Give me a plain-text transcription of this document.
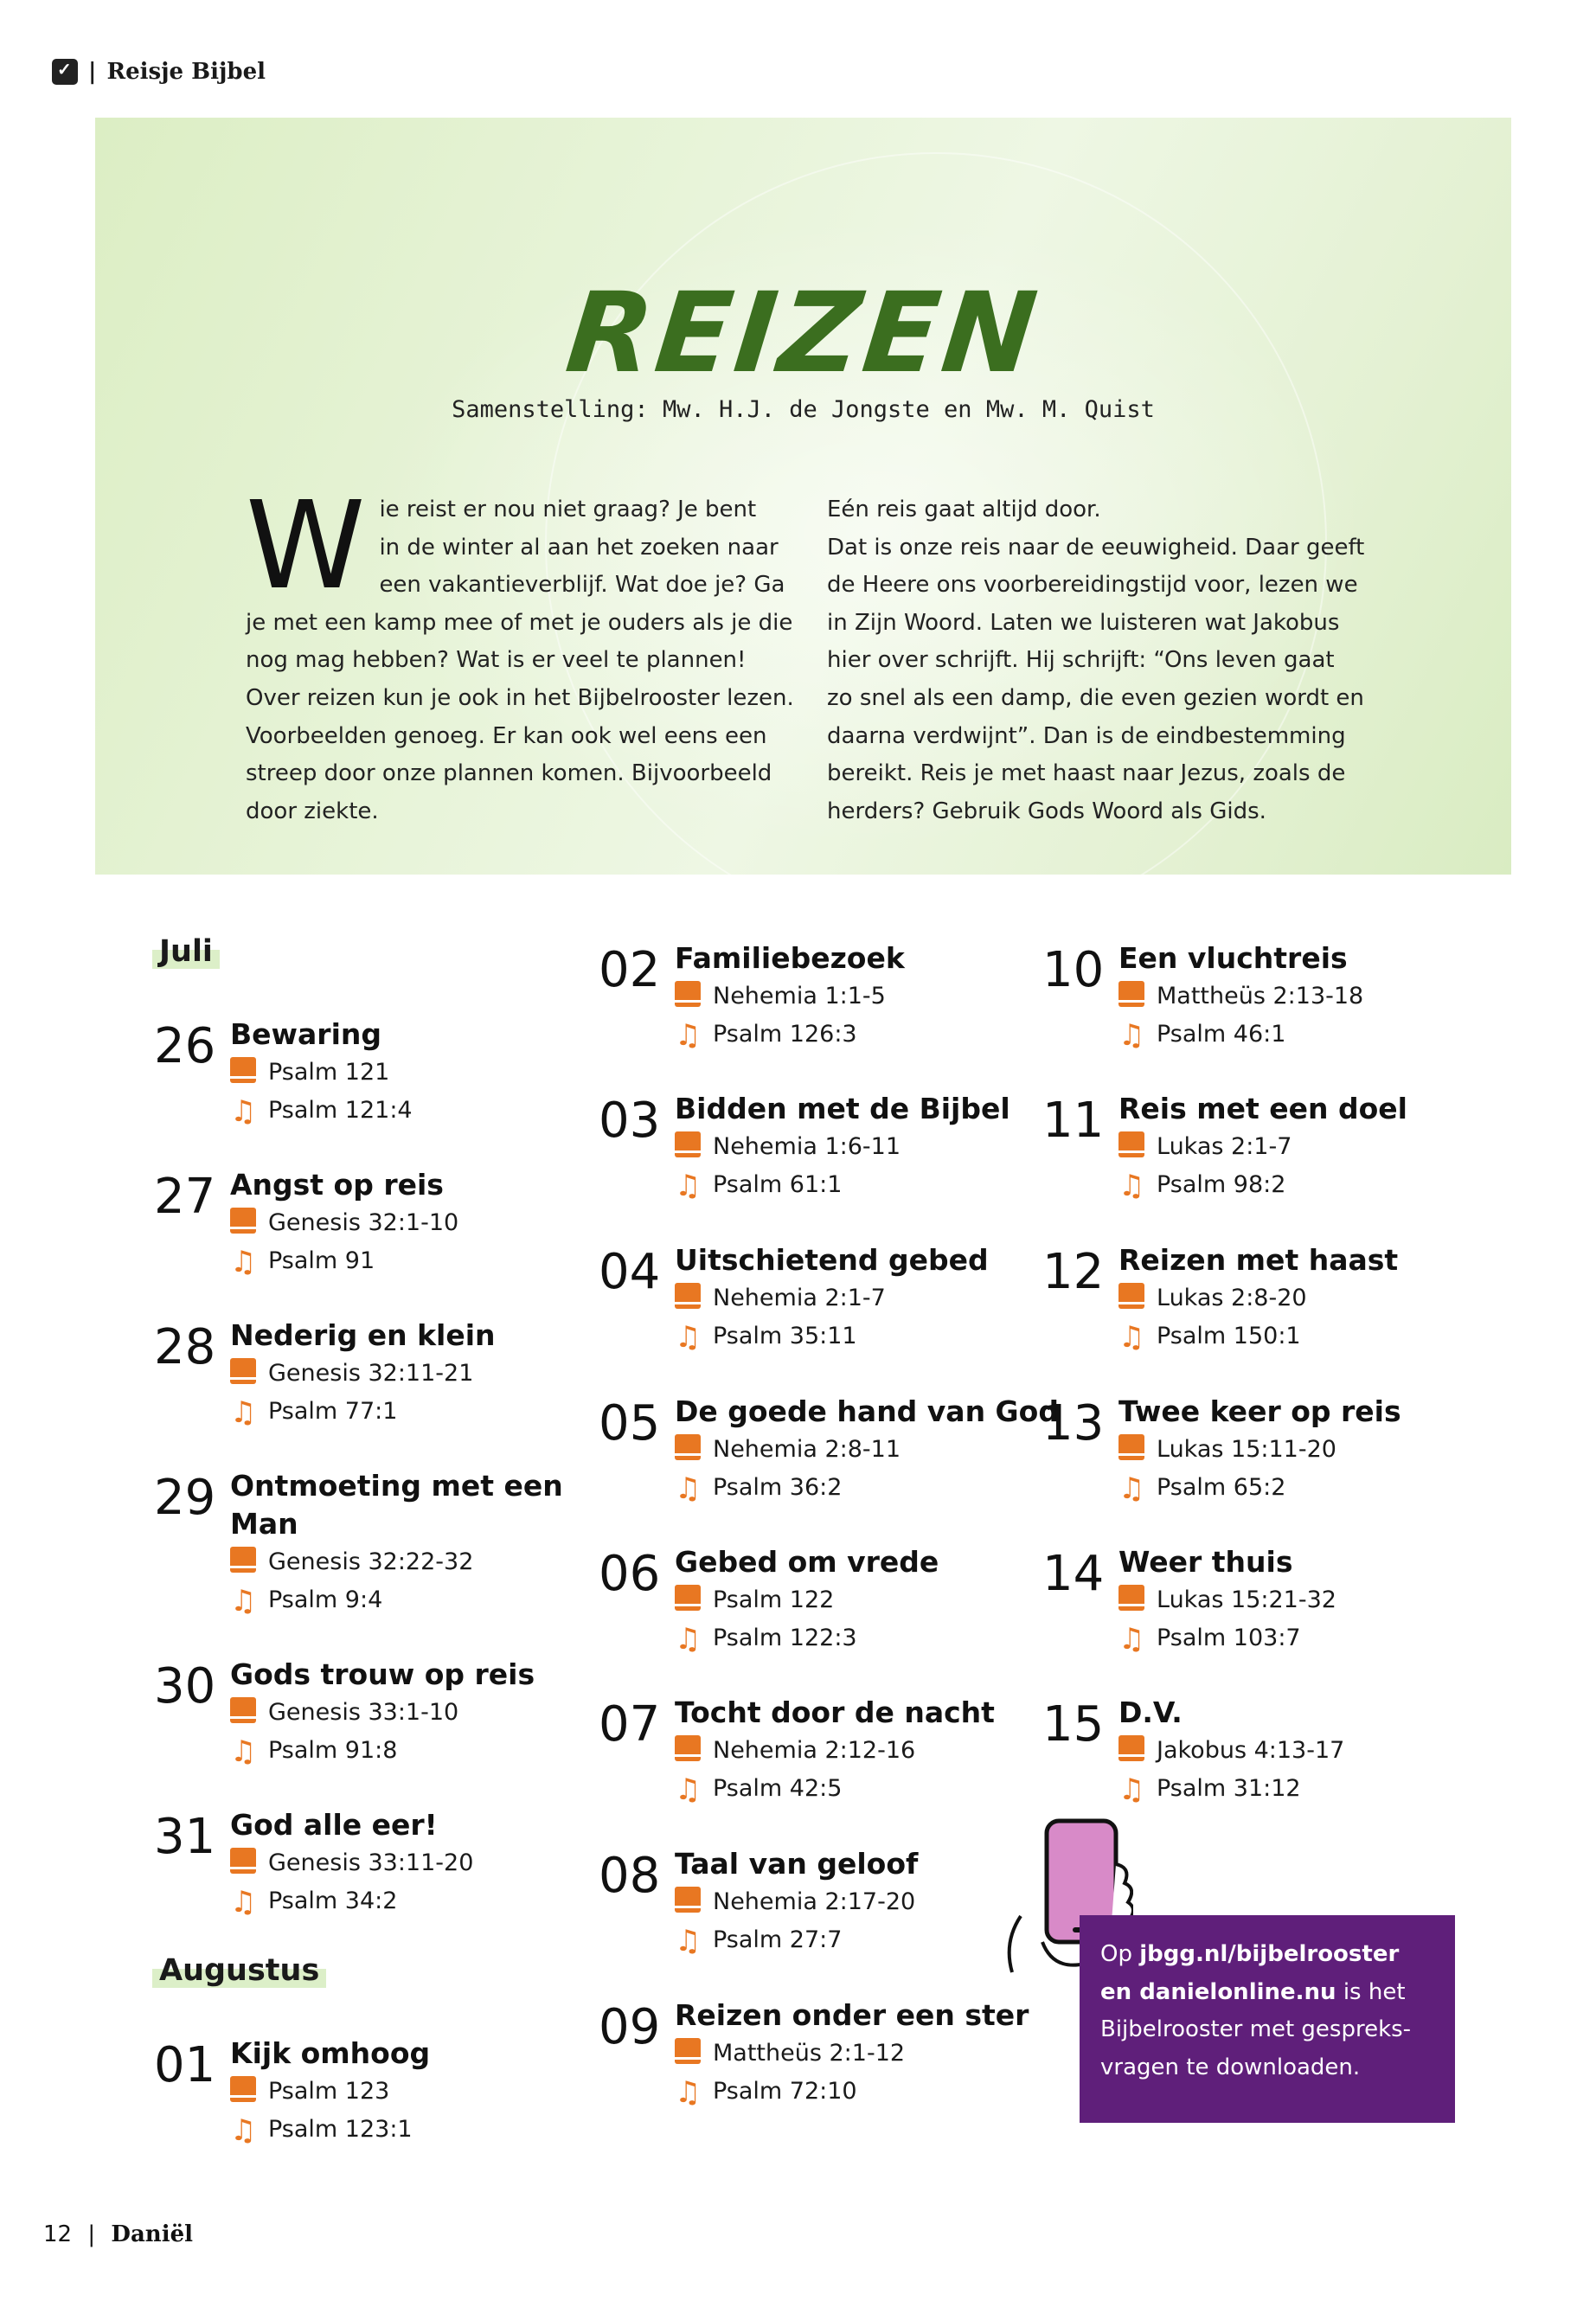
✓
| Reisje Bijbel
REIZEN
Samenstelling: Mw. H.J. de Jongste en Mw. M. Quist
W ie reist er nou niet graag? Je bent
in de winter al aan het zoeken naar
een vakantieverblijf. Wat doe je? Ga
je met een kamp mee of met je ouders als je die
nog mag hebben? Wat is er veel te plannen!
Over reizen kun je ook in het Bijbelrooster lezen.
Voorbeelden genoeg. Er kan ook wel eens een
streep door onze plannen komen. Bijvoorbeeld
door ziekte.
Eén reis gaat altijd door.
Dat is onze reis naar de eeuwigheid. Daar geeft
de Heere ons voorbereidingstijd voor, lezen we
in Zijn Woord. Laten we luisteren wat Jakobus
hier over schrijft. Hij schrijft: “Ons leven gaat
zo snel als een damp, die even gezien wordt en
daarna verdwijnt”. Dan is de eindbestemming
bereikt. Reis je met haast naar Jezus, zoals de
herders? Gebruik Gods Woord als Gids.
Juli
Augustus
26 Bewaring
Psalm 121
♫ Psalm 121:4
27 Angst op reis
Genesis 32:1-10
♫ Psalm 91
28 Nederig en klein
Genesis 32:11-21
♫ Psalm 77:1
29 Ontmoeting met een Man
Genesis 32:22-32
♫ Psalm 9:4
30 Gods trouw op reis
Genesis 33:1-10
♫ Psalm 91:8
31 God alle eer!
Genesis 33:11-20
♫ Psalm 34:2
01 Kijk omhoog
Psalm 123
♫ Psalm 123:1
02 Familiebezoek
Nehemia 1:1-5
♫ Psalm 126:3
03 Bidden met de Bijbel
Nehemia 1:6-11
♫ Psalm 61:1
04 Uitschietend gebed
Nehemia 2:1-7
♫ Psalm 35:11
05 De goede hand van God
Nehemia 2:8-11
♫ Psalm 36:2
06 Gebed om vrede
Psalm 122
♫ Psalm 122:3
07 Tocht door de nacht
Nehemia 2:12-16
♫ Psalm 42:5
08 Taal van geloof
Nehemia 2:17-20
♫ Psalm 27:7
09 Reizen onder een ster
Mattheüs 2:1-12
♫ Psalm 72:10
10 Een vluchtreis
Mattheüs 2:13-18
♫ Psalm 46:1
11 Reis met een doel
Lukas 2:1-7
♫ Psalm 98:2
12 Reizen met haast
Lukas 2:8-20
♫ Psalm 150:1
13 Twee keer op reis
Lukas 15:11-20
♫ Psalm 65:2
14 Weer thuis
Lukas 15:21-32
♫ Psalm 103:7
15 D.V.
Jakobus 4:13-17
♫ Psalm 31:12
Op jbgg.nl/bijbelrooster
en danielonline.nu is het
Bijbelrooster met gespreks-
vragen te downloaden.
12 | Daniël
